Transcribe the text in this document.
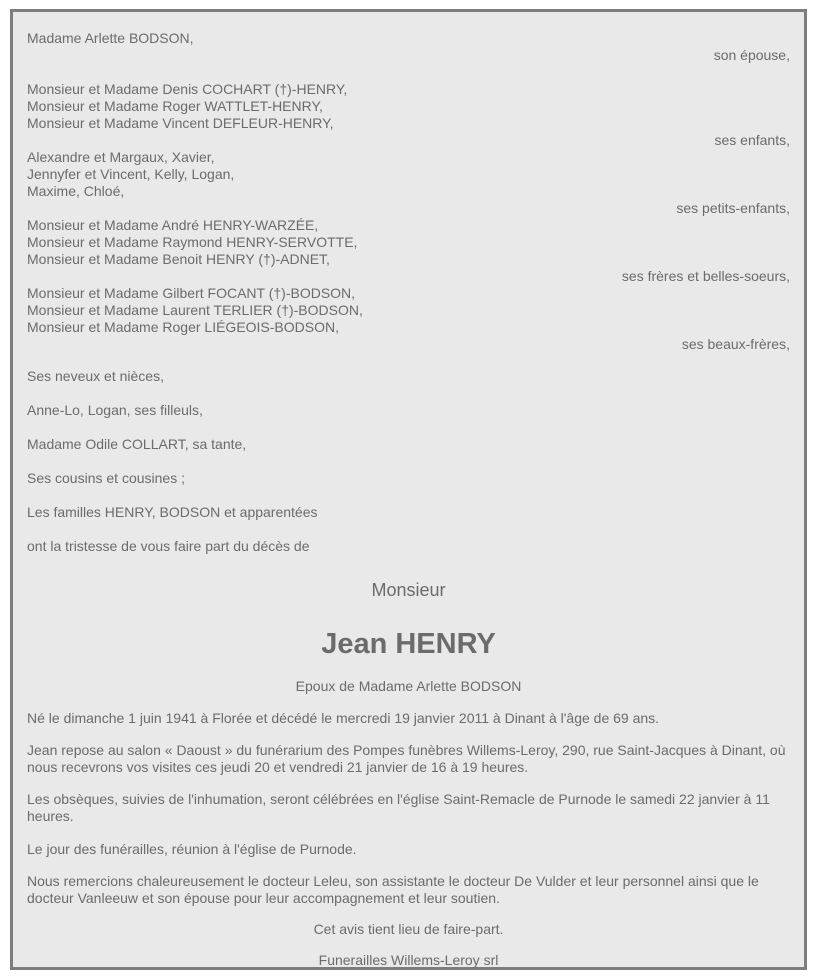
Madame Arlette BODSON,
son épouse,
Monsieur et Madame Denis COCHART (†)-HENRY,
Monsieur et Madame Roger WATTLET-HENRY,
Monsieur et Madame Vincent DEFLEUR-HENRY,
ses enfants,
Alexandre et Margaux, Xavier,
Jennyfer et Vincent, Kelly, Logan,
Maxime, Chloé,
ses petits-enfants,
Monsieur et Madame André HENRY-WARZÉE,
Monsieur et Madame Raymond HENRY-SERVOTTE,
Monsieur et Madame Benoit HENRY (†)-ADNET,
ses frères et belles-soeurs,
Monsieur et Madame Gilbert FOCANT (†)-BODSON,
Monsieur et Madame Laurent TERLIER (†)-BODSON,
Monsieur et Madame Roger LIÉGEOIS-BODSON,
ses beaux-frères,
Ses neveux et nièces,
Anne-Lo, Logan, ses filleuls,
Madame Odile COLLART, sa tante,
Ses cousins et cousines ;
Les familles HENRY, BODSON et apparentées
ont la tristesse de vous faire part du décès de
Monsieur
Jean HENRY
Epoux de Madame Arlette BODSON
Né le dimanche 1 juin 1941 à Florée et décédé le mercredi 19 janvier 2011 à Dinant à l'âge de 69 ans.
Jean repose au salon « Daoust » du funérarium des Pompes funèbres Willems-Leroy, 290, rue Saint-Jacques à Dinant, où nous recevrons vos visites ces jeudi 20 et vendredi 21 janvier de 16 à 19 heures.
Les obsèques, suivies de l'inhumation, seront célébrées en l'église Saint-Remacle de Purnode le samedi 22 janvier à 11 heures.
Le jour des funérailles, réunion à l'église de Purnode.
Nous remercions chaleureusement le docteur Leleu, son assistante le docteur De Vulder et leur personnel ainsi que le docteur Vanleeuw et son épouse pour leur accompagnement et leur soutien.
Cet avis tient lieu de faire-part.
Funerailles Willems-Leroy srl
